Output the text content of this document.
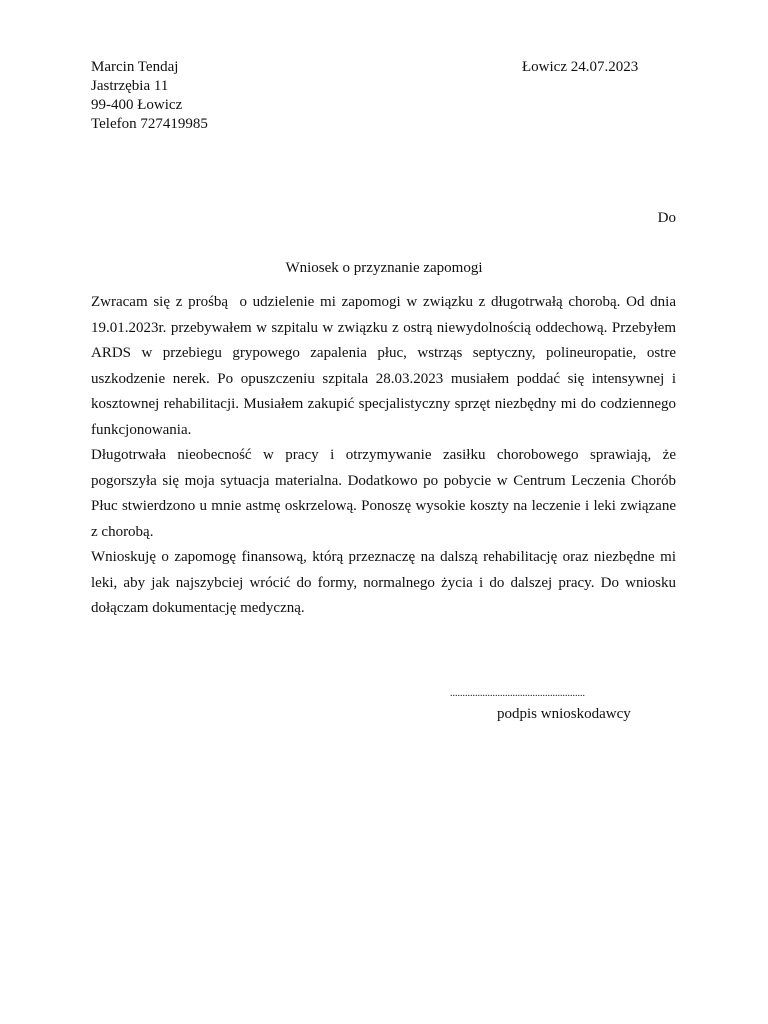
Marcin Tendaj
Jastrzębia 11
99-400 Łowicz
Telefon 727419985
Łowicz 24.07.2023
Do
Wniosek o przyznanie zapomogi

Zwracam się z prośbą  o udzielenie mi zapomogi w związku z długotrwałą chorobą. Od dnia 19.01.2023r. przebywałem w szpitalu w związku z ostrą niewydolnością oddechową. Przebyłem ARDS w przebiegu grypowego zapalenia płuc, wstrząs septyczny, polineuropatie, ostre uszkodzenie nerek. Po opuszczeniu szpitala 28.03.2023 musiałem poddać się intensywnej i kosztownej rehabilitacji. Musiałem zakupić specjalistyczny sprzęt niezbędny mi do codziennego funkcjonowania.

Długotrwała nieobecność w pracy i otrzymywanie zasiłku chorobowego sprawiają, że pogorszyła się moja sytuacja materialna. Dodatkowo po pobycie w Centrum Leczenia Chorób Płuc stwierdzono u mnie astmę oskrzelową. Ponoszę wysokie koszty na leczenie i leki związane z chorobą.

Wnioskuję o zapomogę finansową, którą przeznaczę na dalszą rehabilitację oraz niezbędne mi leki, aby jak najszybciej wrócić do formy, normalnego życia i do dalszej pracy. Do wniosku dołączam dokumentację medyczną.

......................................................
podpis wnioskodawcy
